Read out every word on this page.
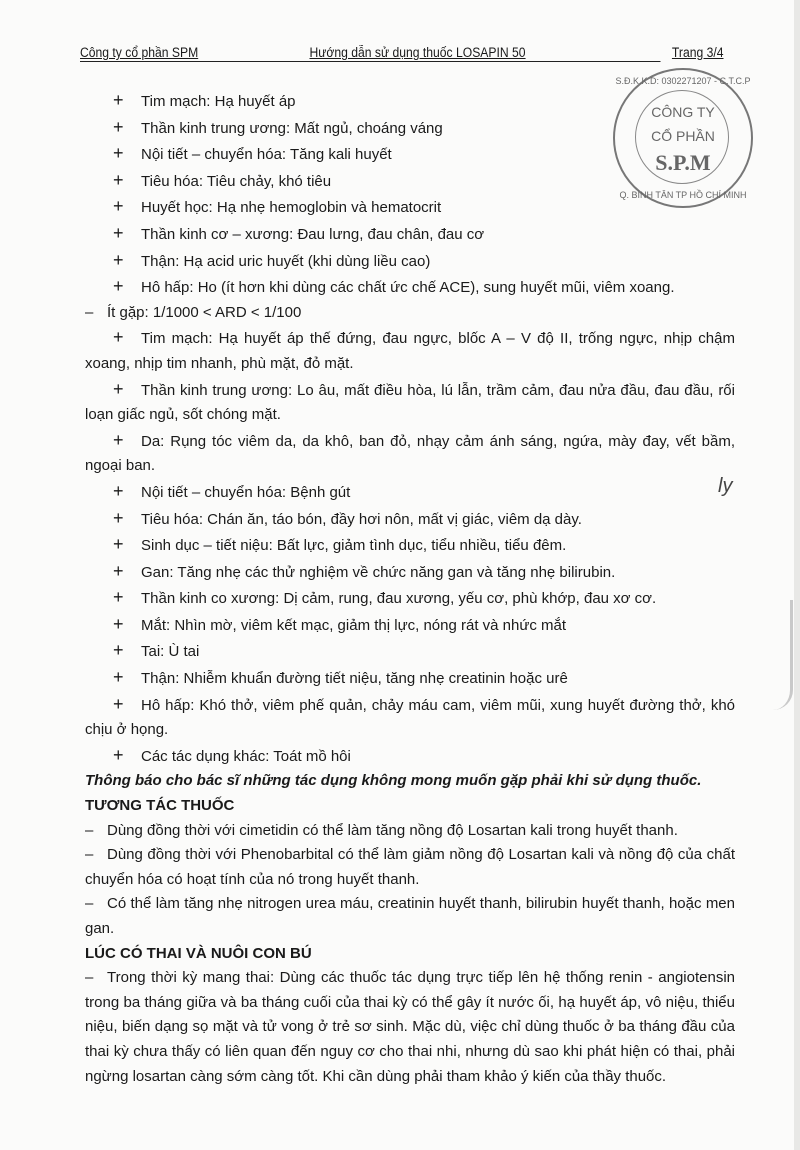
Công ty cổ phần SPM	Hướng dẫn sử dụng thuốc LOSAPIN 50	Trang 3/4
S.Đ.K.K.D: 0302271207 - C.T.C.P
CÔNG TY
CỔ PHẦN
S.P.M
Q. BÌNH TÂN TP HỒ CHÍ MINH
ly
+ Tim mạch: Hạ huyết áp
+ Thần kinh trung ương: Mất ngủ, choáng váng
+ Nội tiết – chuyển hóa: Tăng kali huyết
+ Tiêu hóa: Tiêu chảy, khó tiêu
+ Huyết học: Hạ nhẹ hemoglobin và hematocrit
+ Thần kinh cơ – xương: Đau lưng, đau chân, đau cơ
+ Thận: Hạ acid uric huyết (khi dùng liều cao)
+ Hô hấp: Ho (ít hơn khi dùng các chất ức chế ACE), sung huyết mũi, viêm xoang.
– Ít gặp: 1/1000 < ARD < 1/100
+ Tim mạch: Hạ huyết áp thế đứng, đau ngực, blốc A – V độ II, trống ngực, nhịp chậm xoang, nhịp tim nhanh, phù mặt, đỏ mặt.
+ Thần kinh trung ương: Lo âu, mất điều hòa, lú lẫn, trầm cảm, đau nửa đầu, đau đầu, rối loạn giấc ngủ, sốt chóng mặt.
+ Da: Rụng tóc viêm da, da khô, ban đỏ, nhạy cảm ánh sáng, ngứa, mày đay, vết bầm, ngoại ban.
+ Nội tiết – chuyển hóa: Bệnh gút
+ Tiêu hóa: Chán ăn, táo bón, đầy hơi nôn, mất vị giác, viêm dạ dày.
+ Sinh dục – tiết niệu: Bất lực, giảm tình dục, tiểu nhiều, tiểu đêm.
+ Gan: Tăng nhẹ các thử nghiệm về chức năng gan và tăng nhẹ bilirubin.
+ Thần kinh co xương: Dị cảm, rung, đau xương, yếu cơ, phù khớp, đau xơ cơ.
+ Mắt: Nhìn mờ, viêm kết mạc, giảm thị lực, nóng rát và nhức mắt
+ Tai: Ù tai
+ Thận: Nhiễm khuẩn đường tiết niệu, tăng nhẹ creatinin hoặc urê
+ Hô hấp: Khó thở, viêm phế quản, chảy máu cam, viêm mũi, xung huyết đường thở, khó chịu ở họng.
+ Các tác dụng khác: Toát mồ hôi
Thông báo cho bác sĩ những tác dụng không mong muốn gặp phải khi sử dụng thuốc.
TƯƠNG TÁC THUỐC
– Dùng đồng thời với cimetidin có thể làm tăng nồng độ Losartan kali trong huyết thanh.
– Dùng đồng thời với Phenobarbital có thể làm giảm nồng độ Losartan kali và nồng độ của chất chuyển hóa có hoạt tính của nó trong huyết thanh.
– Có thể làm tăng nhẹ nitrogen urea máu, creatinin huyết thanh, bilirubin huyết thanh, hoặc men gan.
LÚC CÓ THAI VÀ NUÔI CON BÚ
– Trong thời kỳ mang thai: Dùng các thuốc tác dụng trực tiếp lên hệ thống renin - angiotensin trong ba tháng giữa và ba tháng cuối của thai kỳ có thể gây ít nước ối, hạ huyết áp, vô niệu, thiểu niệu, biến dạng sọ mặt và tử vong ở trẻ sơ sinh. Mặc dù, việc chỉ dùng thuốc ở ba tháng đầu của thai kỳ chưa thấy có liên quan đến nguy cơ cho thai nhi, nhưng dù sao khi phát hiện có thai, phải ngừng losartan càng sớm càng tốt. Khi cần dùng phải tham khảo ý kiến của thầy thuốc.
